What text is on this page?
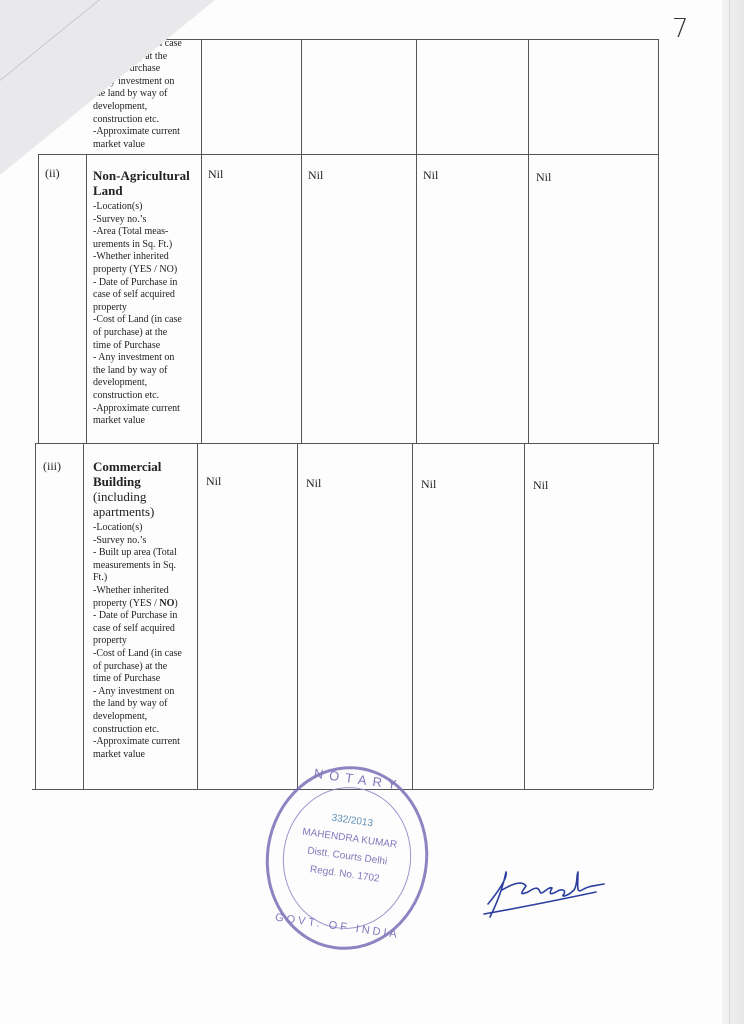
7
-Cost of Land (in case
of purchase) at the
time of Purchase
- Any investment on
the land by way of
development,
construction etc.
-Approximate current
market value
(ii)	Non-Agricultural
Land
-Location(s)
-Survey no.’s
-Area (Total meas-
urements in Sq. Ft.)
-Whether inherited
property (YES / NO)
- Date of Purchase in
case of self acquired
property
-Cost of Land (in case
of purchase) at the
time of Purchase
- Any investment on
the land by way of
development,
construction etc.
-Approximate current
market value
Nil	Nil	Nil	Nil
(iii) Commercial
Building
(including
apartments)
-Location(s)
-Survey no.’s
- Built up area (Total
measurements in Sq.
Ft.)
-Whether inherited
property (YES / NO)
- Date of Purchase in
case of self acquired
property
-Cost of Land (in case
of purchase) at the
time of Purchase
- Any investment on
the land by way of
development,
construction etc.
-Approximate current
market value
Nil	Nil	Nil	Nil
NOTARY
332/2013
MAHENDRA KUMAR
Distt. Courts Delhi
Regd. No. 1702
GOVT. OF INDIA
